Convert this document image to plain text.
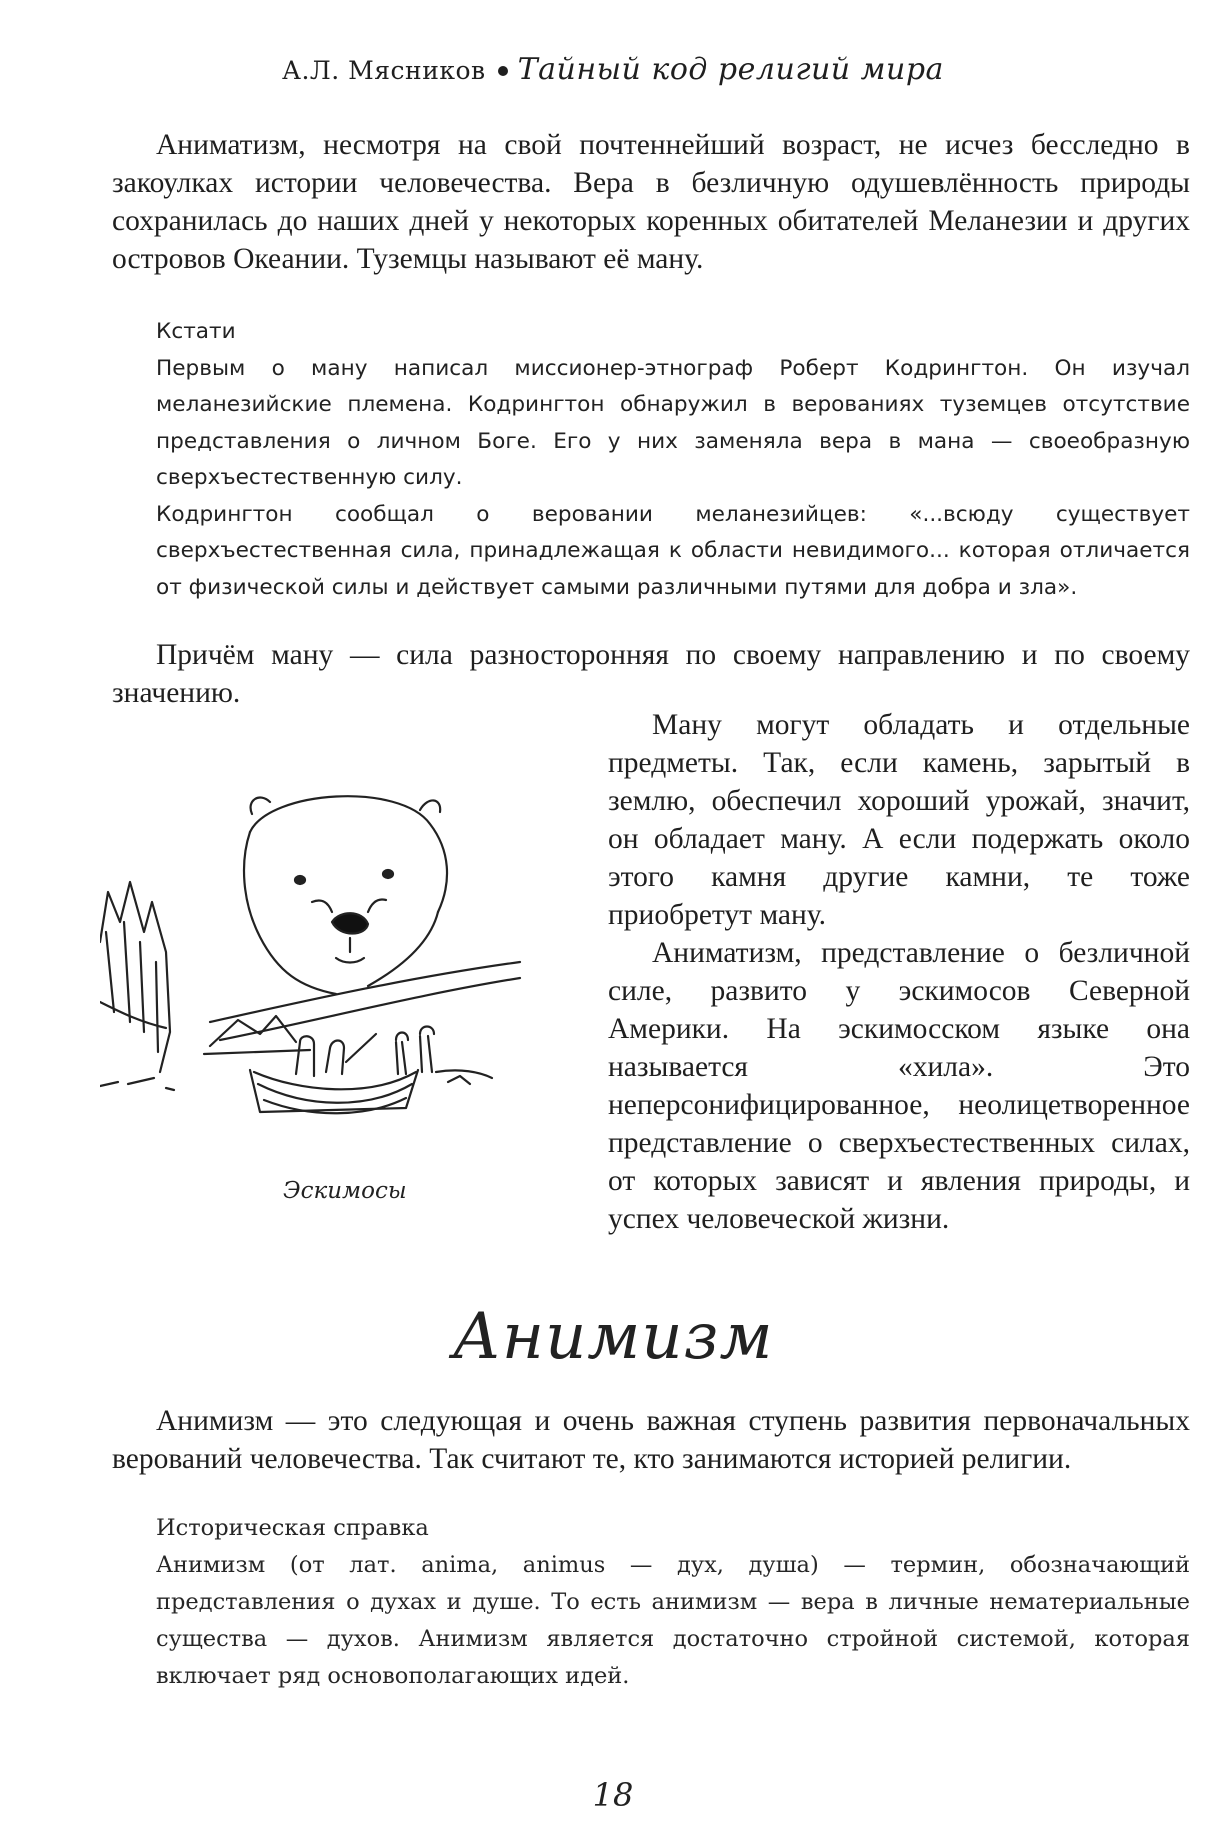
А.Л. Мясников Тайный код религий мира

Аниматизм, несмотря на свой почтеннейший возраст, не исчез бесследно в закоулках истории человечества. Вера в безличную одушевлённость природы сохранилась до наших дней у некоторых коренных обитателей Меланезии и других островов Океании. Туземцы называют её ману.

Кстати

Первым о ману написал миссионер-этнограф Роберт Кодрингтон. Он изучал меланезийские племена. Кодрингтон обнаружил в верованиях туземцев отсутствие представления о личном Боге. Его у них заменяла вера в мана — своеобразную сверхъестественную силу.

Кодрингтон сообщал о веровании меланезийцев: «...всюду существует сверхъестественная сила, принадлежащая к области невидимого... которая отличается от физической силы и действует самыми различными путями для добра и зла».

Причём ману — сила разносторонняя по своему направлению и по своему значению.

Ману могут обладать и отдельные предметы. Так, если камень, зарытый в землю, обеспечил хороший урожай, значит, он обладает ману. А если подержать около этого камня другие камни, те тоже приобретут ману.

Аниматизм, представление о безличной силе, развито у эскимосов Северной Америки. На эскимосском языке она называется «хила». Это неперсонифицированное, неолицетворенное представление о сверхъестественных силах, от которых зависят и явления природы, и успех человеческой жизни.

Эскимосы
Анимизм

Анимизм — это следующая и очень важная ступень развития первоначальных верований человечества. Так считают те, кто занимаются историей религии.

Историческая справка

Анимизм (от лат. anima, animus — дух, душа) — термин, обозначающий представления о духах и душе. То есть анимизм — вера в личные нематериальные существа — духов. Анимизм является достаточно стройной системой, которая включает ряд основополагающих идей.

18
